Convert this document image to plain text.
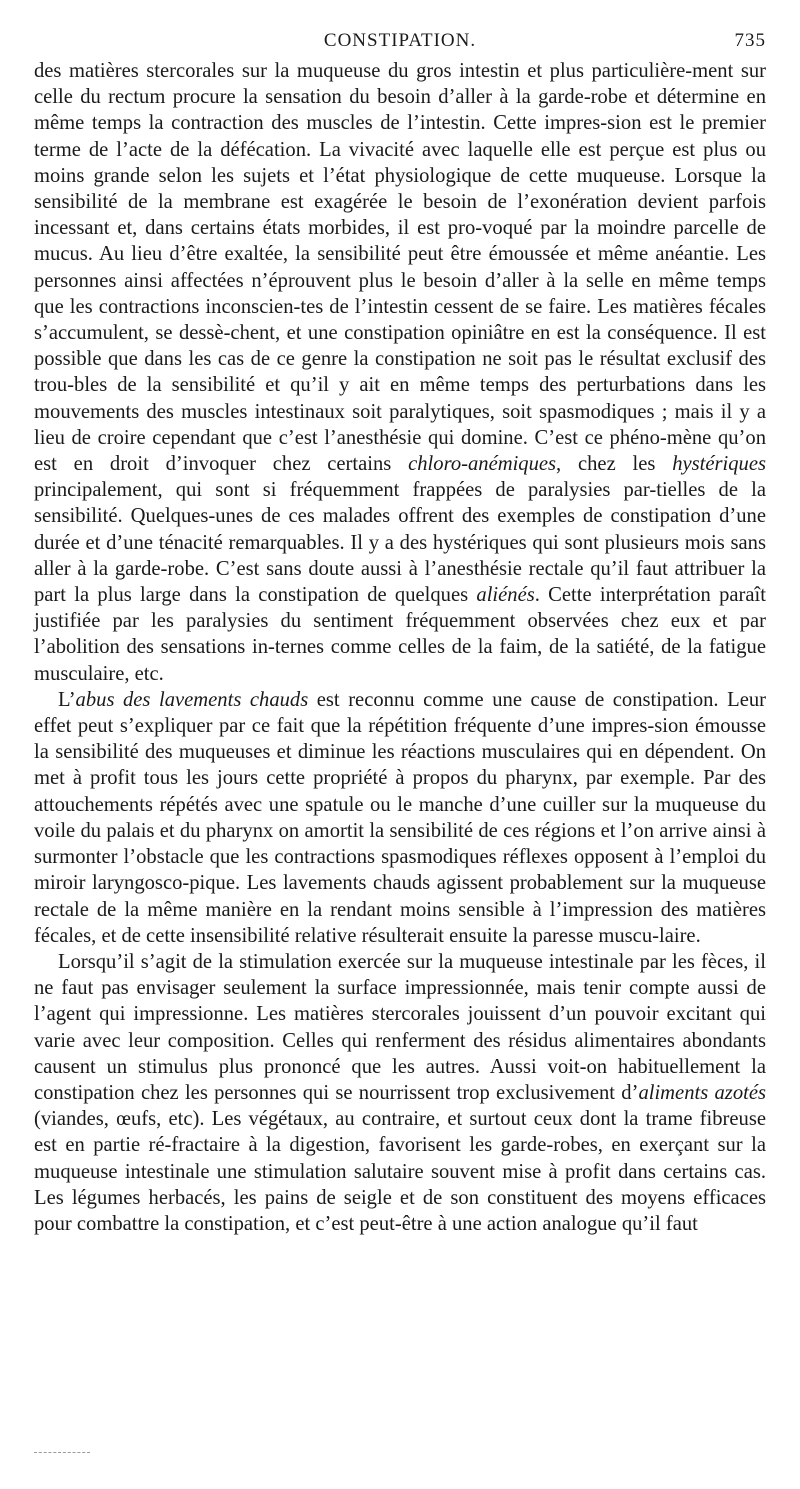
CONSTIPATION.	735

des matières stercorales sur la muqueuse du gros intestin et plus particulière-ment sur celle du rectum procure la sensation du besoin d’aller à la garde-robe et détermine en même temps la contraction des muscles de l’intestin. Cette impres-sion est le premier terme de l’acte de la défécation. La vivacité avec laquelle elle est perçue est plus ou moins grande selon les sujets et l’état physiologique de cette muqueuse. Lorsque la sensibilité de la membrane est exagérée le besoin de l’exonération devient parfois incessant et, dans certains états morbides, il est pro-voqué par la moindre parcelle de mucus. Au lieu d’être exaltée, la sensibilité peut être émoussée et même anéantie. Les personnes ainsi affectées n’éprouvent plus le besoin d’aller à la selle en même temps que les contractions inconscien-tes de l’intestin cessent de se faire. Les matières fécales s’accumulent, se dessè-chent, et une constipation opiniâtre en est la conséquence. Il est possible que dans les cas de ce genre la constipation ne soit pas le résultat exclusif des trou-bles de la sensibilité et qu’il y ait en même temps des perturbations dans les mouvements des muscles intestinaux soit paralytiques, soit spasmodiques ; mais il y a lieu de croire cependant que c’est l’anesthésie qui domine. C’est ce phéno-mène qu’on est en droit d’invoquer chez certains chloro-anémiques, chez les hystériques principalement, qui sont si fréquemment frappées de paralysies par-tielles de la sensibilité. Quelques-unes de ces malades offrent des exemples de constipation d’une durée et d’une ténacité remarquables. Il y a des hystériques qui sont plusieurs mois sans aller à la garde-robe. C’est sans doute aussi à l’anesthésie rectale qu’il faut attribuer la part la plus large dans la constipation de quelques aliénés. Cette interprétation paraît justifiée par les paralysies du sentiment fréquemment observées chez eux et par l’abolition des sensations in-ternes comme celles de la faim, de la satiété, de la fatigue musculaire, etc.

L’abus des lavements chauds est reconnu comme une cause de constipation. Leur effet peut s’expliquer par ce fait que la répétition fréquente d’une impres-sion émousse la sensibilité des muqueuses et diminue les réactions musculaires qui en dépendent. On met à profit tous les jours cette propriété à propos du pharynx, par exemple. Par des attouchements répétés avec une spatule ou le manche d’une cuiller sur la muqueuse du voile du palais et du pharynx on amortit la sensibilité de ces régions et l’on arrive ainsi à surmonter l’obstacle que les contractions spasmodiques réflexes opposent à l’emploi du miroir laryngosco-pique. Les lavements chauds agissent probablement sur la muqueuse rectale de la même manière en la rendant moins sensible à l’impression des matières fécales, et de cette insensibilité relative résulterait ensuite la paresse muscu-laire.

Lorsqu’il s’agit de la stimulation exercée sur la muqueuse intestinale par les fèces, il ne faut pas envisager seulement la surface impressionnée, mais tenir compte aussi de l’agent qui impressionne. Les matières stercorales jouissent d’un pouvoir excitant qui varie avec leur composition. Celles qui renferment des résidus alimentaires abondants causent un stimulus plus prononcé que les autres. Aussi voit-on habituellement la constipation chez les personnes qui se nourrissent trop exclusivement d’aliments azotés (viandes, œufs, etc). Les végétaux, au contraire, et surtout ceux dont la trame fibreuse est en partie ré-fractaire à la digestion, favorisent les garde-robes, en exerçant sur la muqueuse intestinale une stimulation salutaire souvent mise à profit dans certains cas. Les légumes herbacés, les pains de seigle et de son constituent des moyens efficaces pour combattre la constipation, et c’est peut-être à une action analogue qu’il faut
